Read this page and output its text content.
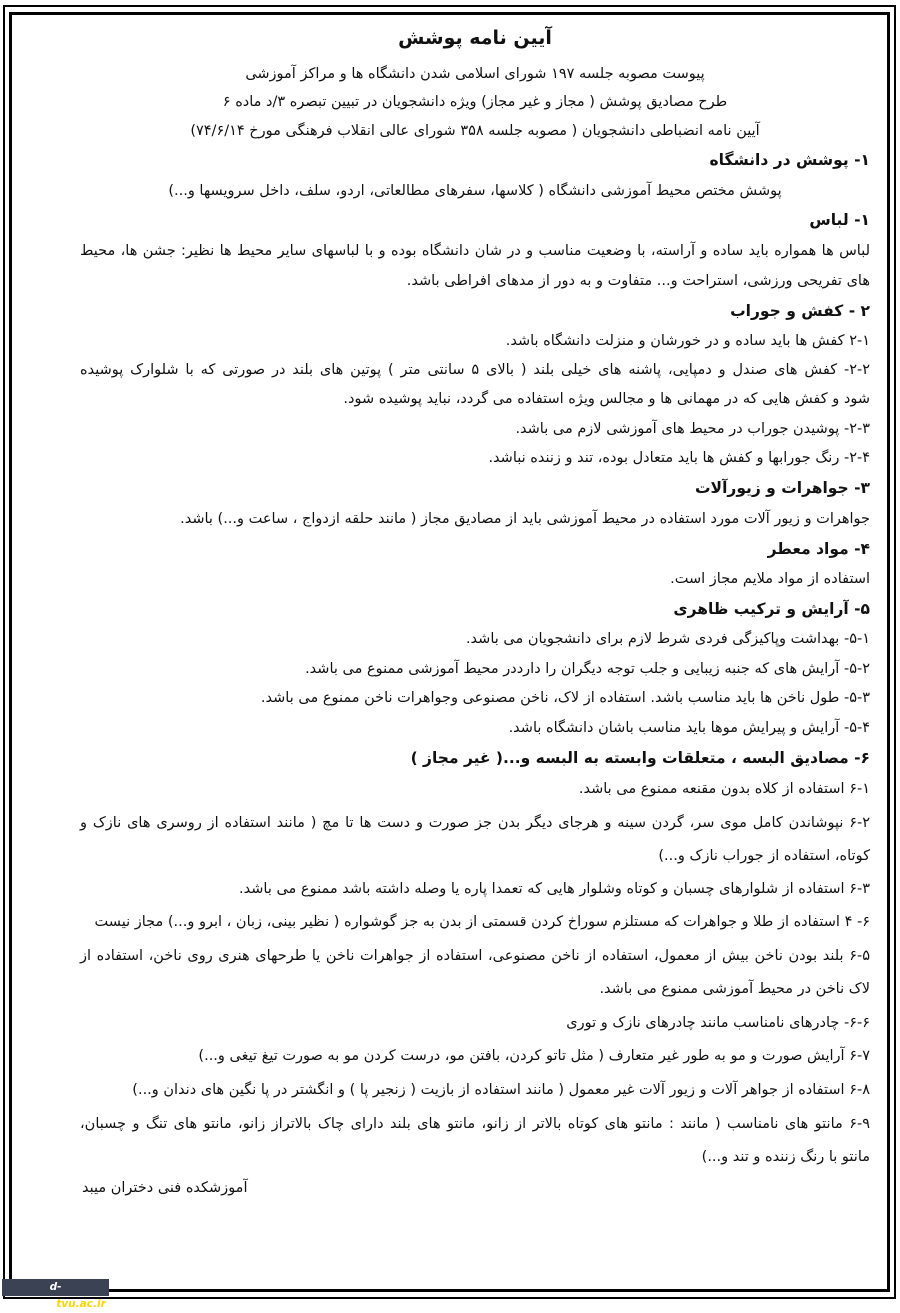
آیین نامه پوشش
پیوست مصوبه جلسه ۱۹۷ شورای اسلامی شدن دانشگاه ها و مراکز آموزشی
طرح مصادیق پوشش ( مجاز و غیر مجاز) ویژه دانشجویان در تبیین تبصره ۳/د ماده ۶
آیین نامه انضباطی دانشجویان ( مصوبه جلسه ۳۵۸ شورای عالی انقلاب فرهنگی مورخ ۷۴/۶/۱۴)
۱- پوشش در دانشگاه
پوشش مختص محیط آموزشی دانشگاه ( کلاسها، سفرهای مطالعاتی، اردو، سلف، داخل سرویسها و...)
۱- لباس
لباس ها همواره باید ساده و آراسته، با وضعیت مناسب و در شان دانشگاه بوده و با لباسهای سایر محیط ها نظیر: جشن ها، محیط
های تفریحی ورزشی، استراحت و... متفاوت و به دور از مدهای افراطی باشد.
۲ - کفش و جوراب
۲-۱ کفش ها باید ساده و در خورشان و منزلت دانشگاه باشد.
۲-۲- کفش های صندل و دمپایی، پاشنه های خیلی بلند ( بالای ۵ سانتی متر ) پوتین های بلند در صورتی که با شلوارک پوشیده
شود و کفش هایی که در مهمانی ها و مجالس ویژه استفاده می گردد، نباید پوشیده شود.
۲-۳- پوشیدن جوراب در محیط های آموزشی لازم می باشد.
۲-۴- رنگ جورابها و کفش ها باید متعادل بوده، تند و زننده نباشد.
۳- جواهرات و زیورآلات
جواهرات و زیور آلات مورد استفاده در محیط آموزشی باید از مصادیق مجاز ( مانند حلقه ازدواج ، ساعت و...) باشد.
۴- مواد معطر
استفاده از مواد ملایم مجاز است.
۵- آرایش و ترکیب ظاهری
۵-۱- بهداشت وپاکیزگی فردی شرط لازم برای دانشجویان می باشد.
۵-۲- آرایش های که جنبه زیبایی و جلب توجه دیگران را دارددر محیط آموزشی ممنوع می باشد.
۵-۳- طول ناخن ها باید مناسب باشد. استفاده از لاک، ناخن مصنوعی وجواهرات ناخن ممنوع می باشد.
۵-۴- آرایش و پیرایش موها باید مناسب باشان دانشگاه باشد.
۶- مصادیق البسه ، متعلقات وابسته به البسه و...( غیر مجاز )
۶-۱ استفاده از کلاه بدون مقنعه ممنوع می باشد.
۶-۲ نپوشاندن کامل موی سر، گردن سینه و هرجای دیگر بدن جز صورت و دست ها تا مچ ( مانند استفاده از روسری های نازک و
کوتاه، استفاده از جوراب نازک و...)
۶-۳ استفاده از شلوارهای چسبان و کوتاه وشلوار هایی که تعمدا پاره یا وصله داشته باشد ممنوع می باشد.
۶- ۴ استفاده از طلا و جواهرات که مستلزم سوراخ کردن قسمتی از بدن به جز گوشواره ( نظیر بینی، زبان ، ابرو و...) مجاز نیست
۶-۵ بلند بودن ناخن بیش از معمول، استفاده از ناخن مصنوعی، استفاده از جواهرات ناخن یا طرحهای هنری روی ناخن، استفاده از
لاک ناخن در محیط آموزشی ممنوع می باشد.
۶-۶- چادرهای نامناسب مانند چادرهای نازک و توری
۶-۷ آرایش صورت و مو به طور غیر متعارف ( مثل تاتو کردن، بافتن مو، درست کردن مو به صورت تیغ تیغی و...)
۶-۸ استفاده از جواهر آلات و زیور آلات غیر معمول ( مانند استفاده از بازیت ( زنجیر پا ) و انگشتر در پا نگین های دندان و...)
۶-۹ مانتو های نامناسب ( مانند : مانتو های کوتاه بالاتر از زانو، مانتو های بلند دارای چاک بالاتراز زانو، مانتو های تنگ و چسبان،
مانتو با رنگ زننده و تند و...)
آموزشکده فنی دختران میبد
d-meybod.tvu.ac.ir
